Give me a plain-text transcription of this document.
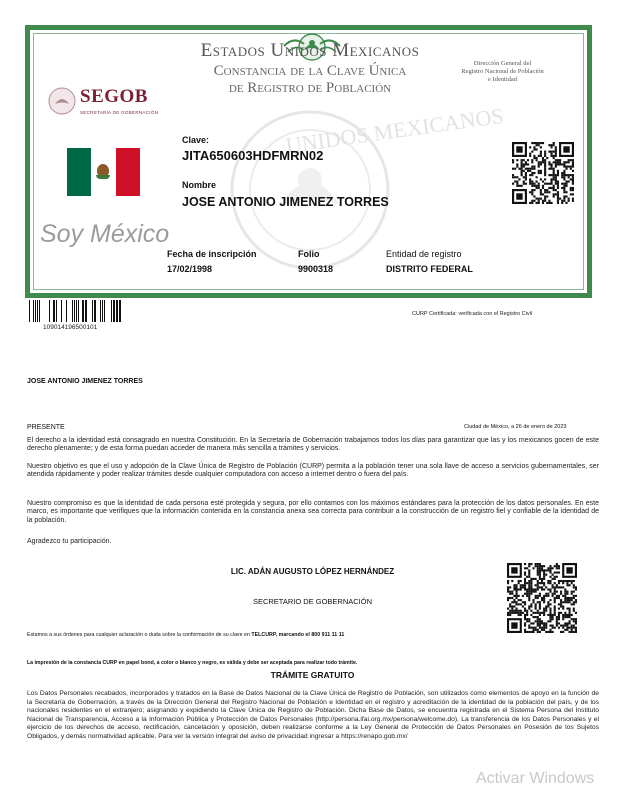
UNIDOS MEXICANOS
Estados Unidos Mexicanos
Constancia de la Clave Única
de Registro de Población
Dirección General del
Registro Nacional de Población
e Identidad
SEGOB
SECRETARÍA DE GOBERNACIÓN
Clave:
JITA650603HDFMRN02
Nombre
JOSE ANTONIO JIMENEZ TORRES
Soy México
Fecha de inscripción
17/02/1998
Folio
9900318
Entidad de registro
DISTRITO FEDERAL
109014196500101
CURP Certificada: verificada con el Registro Civil
JOSE ANTONIO JIMENEZ TORRES
PRESENTE	Ciudad de México, a 26 de enero de 2023
El derecho a la identidad está consagrado en nuestra Constitución. En la Secretaría de Gobernación trabajamos todos los días para garantizar que las y los mexicanos gocen de este derecho plenamente; y de esta forma puedan acceder de manera más sencilla a trámites y servicios.
Nuestro objetivo es que el uso y adopción de la Clave Única de Registro de Población (CURP) permita a la población tener una sola llave de acceso a servicios gubernamentales, ser atendida rápidamente y poder realizar trámites desde cualquier computadora con acceso a internet dentro o fuera del país.
Nuestro compromiso es que la identidad de cada persona esté protegida y segura, por ello contamos con los máximos estándares para la protección de los datos personales. En este marco, es importante que verifiques que la información contenida en la constancia anexa sea correcta para contribuir a la construcción de un registro fiel y confiable de la identidad de la población.
Agradezco tu participación.
LIC. ADÁN AUGUSTO LÓPEZ HERNÁNDEZ
SECRETARIO DE GOBERNACIÓN
Estamos a sus órdenes para cualquier aclaración o duda sobre la conformación de su clave en TELCURP, marcando el 800 911 11 11
La impresión de la constancia CURP en papel bond, a color o blanco y negro, es válida y debe ser aceptada para realizar todo trámite.
TRÁMITE GRATUITO
Los Datos Personales recabados, incorporados y tratados en la Base de Datos Nacional de la Clave Única de Registro de Población, son utilizados como elementos de apoyo en la función de la Secretaría de Gobernación, a través de la Dirección General del Registro Nacional de Población e Identidad en el registro y acreditación de la identidad de la población del país, y de los nacionales residentes en el extranjero; asignando y expidiendo la Clave Única de Registro de Población. Dicha Base de Datos, se encuentra registrada en el Sistema Persona del Instituto Nacional de Transparencia, Acceso a la Información Pública y Protección de Datos Personales (http://persona.ifai.org.mx/persona/welcome.do). La transferencia de los Datos Personales y el ejercicio de los derechos de acceso, rectificación, cancelación y oposición, deben realizarse conforme a la Ley General de Protección de Datos Personales en Posesión de los Sujetos Obligados, y demás normatividad aplicable. Para ver la versión integral del aviso de privacidad ingresar a https://renapo.gob.mx/
Activar Windows
